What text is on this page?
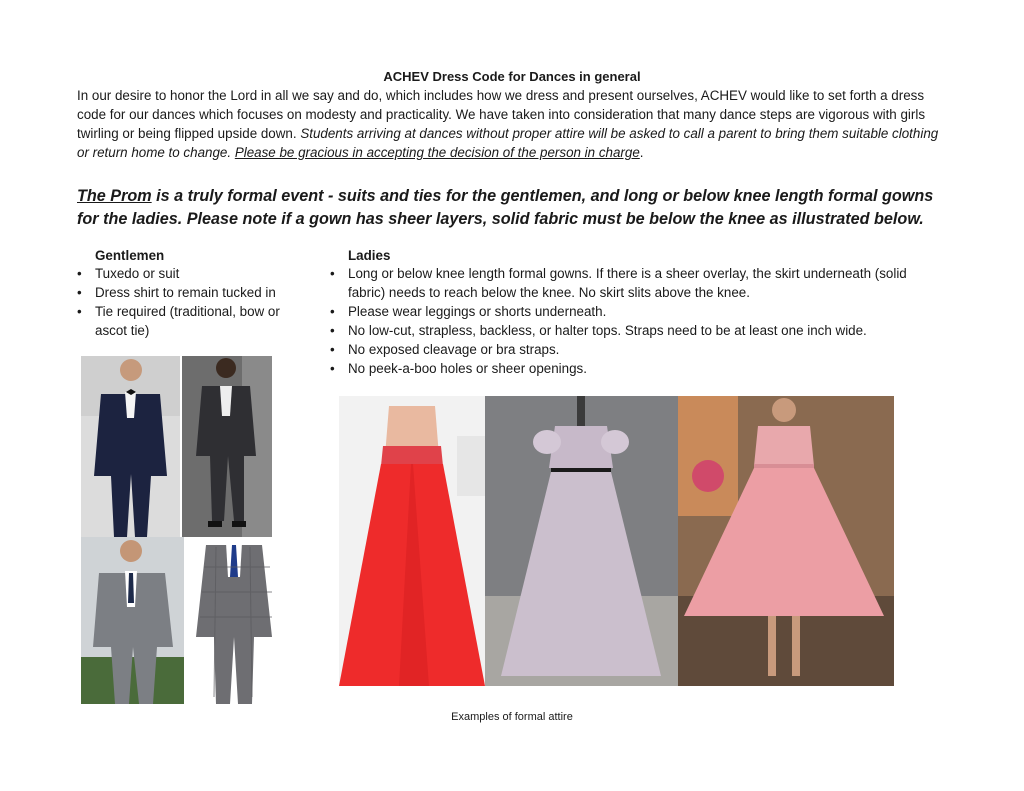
ACHEV Dress Code for Dances in general

In our desire to honor the Lord in all we say and do, which includes how we dress and present ourselves, ACHEV would like to set forth a dress code for our dances which focuses on modesty and practicality. We have taken into consideration that many dance steps are vigorous with girls twirling or being flipped upside down. Students arriving at dances without proper attire will be asked to call a parent to bring them suitable clothing or return home to change. Please be gracious in accepting the decision of the person in charge.

The Prom is a truly formal event - suits and ties for the gentlemen, and long or below knee length formal gowns for the ladies. Please note if a gown has sheer layers, solid fabric must be below the knee as illustrated below.

Gentlemen
• Tuxedo or suit
• Dress shirt to remain tucked in
• Tie required (traditional, bow or ascot tie)
Ladies
• Long or below knee length formal gowns. If there is a sheer overlay, the skirt underneath (solid fabric) needs to reach below the knee. No skirt slits above the knee.
• Please wear leggings or shorts underneath.
• No low-cut, strapless, backless, or halter tops. Straps need to be at least one inch wide.
• No exposed cleavage or bra straps.
• No peek-a-boo holes or sheer openings.
Examples of formal attire
